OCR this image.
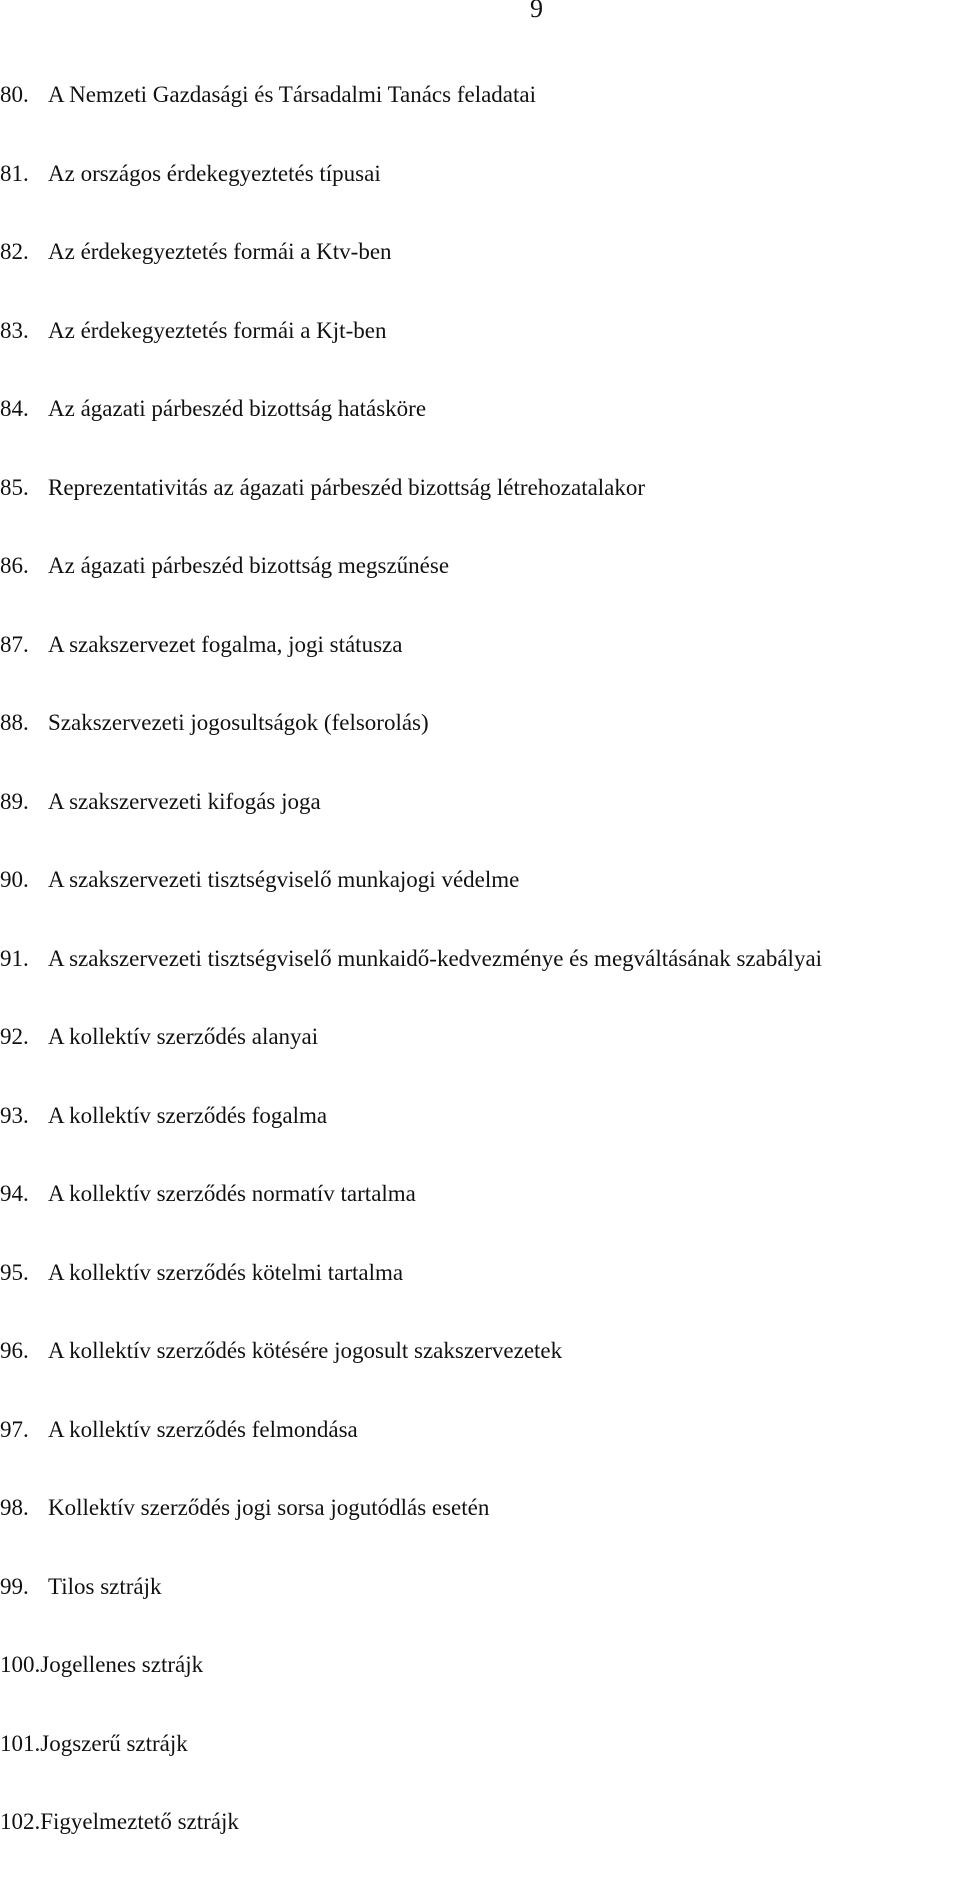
9
80. A Nemzeti Gazdasági és Társadalmi Tanács feladatai
81. Az országos érdekegyeztetés típusai
82. Az érdekegyeztetés formái a Ktv-ben
83. Az érdekegyeztetés formái a Kjt-ben
84. Az ágazati párbeszéd bizottság hatásköre
85. Reprezentativitás az ágazati párbeszéd bizottság létrehozatalakor
86. Az ágazati párbeszéd bizottság megszűnése
87. A szakszervezet fogalma, jogi státusza
88. Szakszervezeti jogosultságok (felsorolás)
89. A szakszervezeti kifogás joga
90. A szakszervezeti tisztségviselő munkajogi védelme
91. A szakszervezeti tisztségviselő munkaidő-kedvezménye és megváltásának szabályai
92. A kollektív szerződés alanyai
93. A kollektív szerződés fogalma
94. A kollektív szerződés normatív tartalma
95. A kollektív szerződés kötelmi tartalma
96. A kollektív szerződés kötésére jogosult szakszervezetek
97. A kollektív szerződés felmondása
98. Kollektív szerződés jogi sorsa jogutódlás esetén
99. Tilos sztrájk
100. Jogellenes sztrájk
101. Jogszerű sztrájk
102. Figyelmeztető sztrájk
